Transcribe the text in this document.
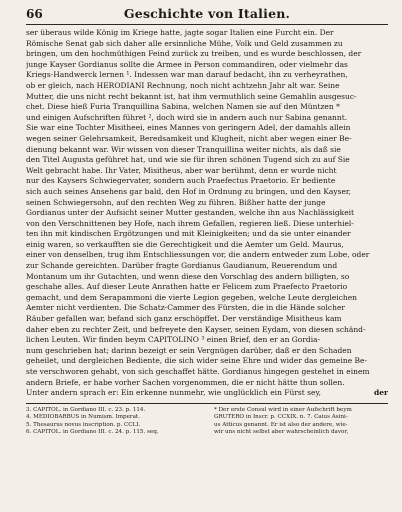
66	Geschichte von Italien.
ser überaus wilde König im Kriege hatte, jagte sogar Italien eine Furcht ein. Der
Römische Senat gab sich daher alle ersinnliche Mühe, Volk und Geld zusammen zu
bringen, um den hochmüthigen Feind zurück zu treiben, und es wurde beschlossen, der
junge Kayser Gordianus sollte die Armee in Person commandiren, oder vielmehr das
Kriegs-Handwerck lernen ¹. Indessen war man darauf bedacht, ihn zu verheyrathen,
ob er gleich, nach HERODIANI Rechnung, noch nicht achtzehn Jahr alt war. Seine
Mutter, die uns nicht recht bekannt ist, hat ihm vermuthlich seine Gemahlin ausgesuc-
chet. Diese hieß Furia Tranquillina Sabina, welchen Namen sie auf den Müntzen *
und einigen Aufschriften führet ², doch wird sie in andern auch nur Sabina genannt.
Sie war eine Tochter Misitheei, eines Mannes von geringern Adel, der damahls allein
wegen seiner Gelehrsamkeit, Beredsamkeit und Klugheit, nicht aber wegen einer Be-
dienung bekannt war. Wir wissen von dieser Tranquillina weiter nichts, als daß sie
den Titel Augusta geführet hat, und wie sie für ihren schönen Tugend sich zu auf Sie
Welt gebracht habe. Ihr Vater, Misitheus, aber war berühmt, denn er wurde nicht
nur des Kaysers Schwiegervater, sondern auch Praefectus Praetorio. Er bediente
sich auch seines Ansehens gar bald, den Hof in Ordnung zu bringen, und den Kayser,
seinen Schwiegersohn, auf den rechten Weg zu führen. Bißher hatte der junge
Gordianus unter der Aufsicht seiner Mutter gestanden, welche ihn aus Nachlässigkeit
von den Verschnittenen bey Hofe, nach ihrem Gefallen, regieren ließ. Diese unterhiel-
ten ihn mit kindischen Ergötzungen und mit Kleinigkeiten; und da sie unter einander
einig waren, so verkaufften sie die Gerechtigkeit und die Aemter um Geld. Maurus,
einer von denselben, trug ihm Entschliessungen vor, die andern entweder zum Lobe, oder
zur Schande gereichten. Darüber fragte Gordianus Gaudianum, Reuerendum und
Montanum um ihr Gutachten, und wenn diese den Vorschlag des andern billigten, so
geschahe alles. Auf dieser Leute Anrathen hatte er Felicem zum Praefecto Praetorio
gemacht, und dem Serapammoni die vierte Legion gegeben, welche Leute dergleichen
Aemter nicht verdienten. Die Schatz-Cammer des Fürsten, die in die Hände solcher
Räuber gefallen war, befand sich ganz erschöpffet. Der verständige Misitheus kam
daher eben zu rechter Zeit, und befreyete den Kayser, seinen Eydam, von diesen schänd-
lichen Leuten. Wir finden beym CAPITOLINO ³ einen Brief, den er an Gordia-
num geschrieben hat; darinn bezeigt er sein Vergnügen darüber, daß er den Schaden
geheilet, und dergleichen Bediente, die sich wider seine Ehre und wider das gemeine Be-
ste verschworen gehabt, von sich geschaffet hätte. Gordianus hingegen gestehet in einem
andern Briefe, er habe vorher Sachen vorgenommen, die er nicht hätte thun sollen.
Unter andern sprach er: Ein erkenne nunmehr, wie unglücklich ein Fürst sey,	der
3. CAPITOL. in Gordiano III. c. 23. p. 114.
4. MEDIOBARBUS in Numism. Imperat.
5. Thesaurus novus inscription. p. CCLI.
6. CAPITOL. in Gordiano III. c. 24. p. 115. seq.
* Der erste Consul wird in einer Aufschrift beym
GRUTERO in Inscr. p. CCXIX. n. 7. Caius Asini-
us Atticus genannt. Er ist also der andere, wie-
wir uns nicht selbst aber wahrscheinlich davor,
